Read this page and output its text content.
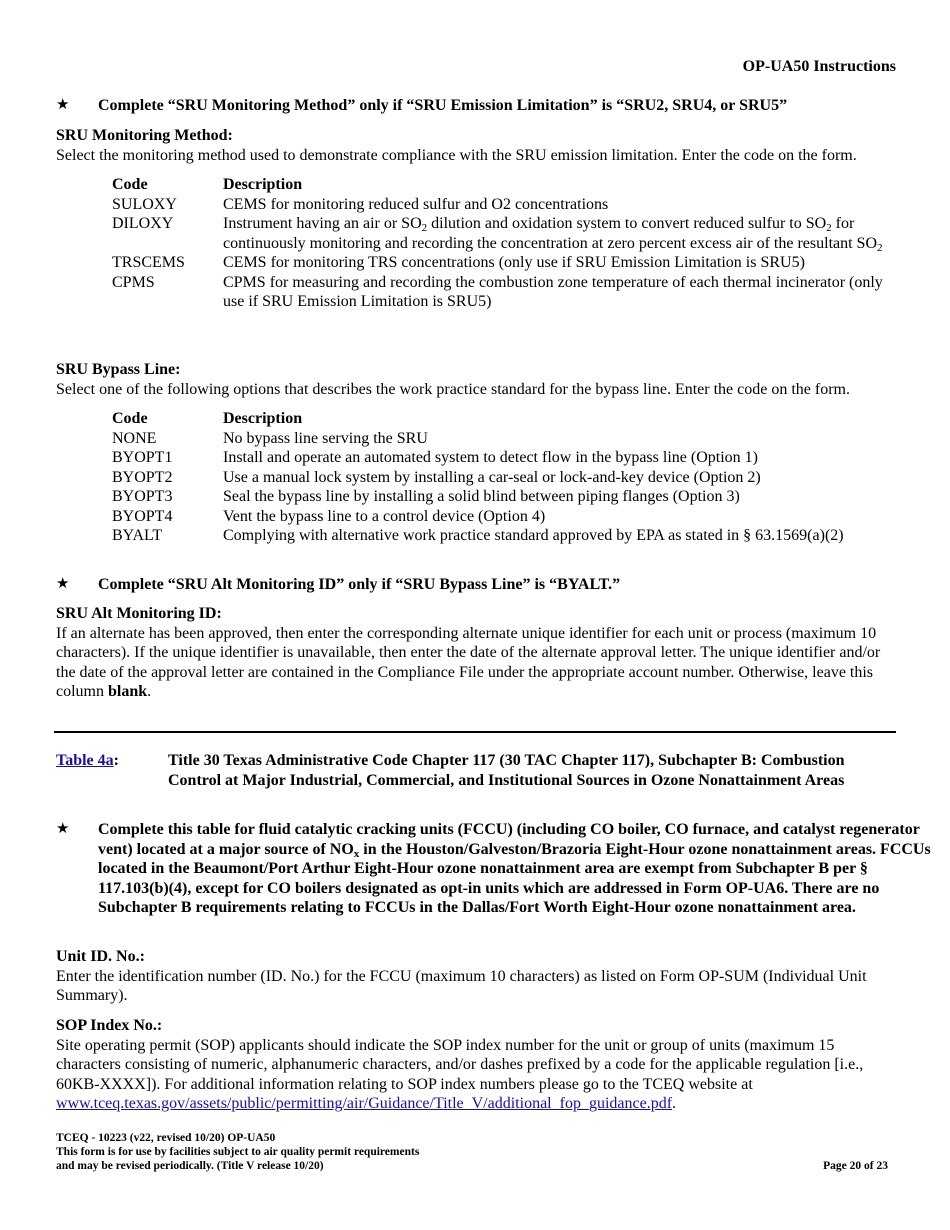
OP-UA50 Instructions
★ Complete “SRU Monitoring Method” only if “SRU Emission Limitation” is “SRU2, SRU4, or SRU5”
SRU Monitoring Method:
Select the monitoring method used to demonstrate compliance with the SRU emission limitation. Enter the code on the form.
Code	Description
SULOXY	CEMS for monitoring reduced sulfur and O2 concentrations
DILOXY	Instrument having an air or $SO_2$ dilution and oxidation system to convert reduced sulfur to $SO_2$ for continuously monitoring and recording the concentration at zero percent excess air of the resultant $SO_2$
TRSCEMS	CEMS for monitoring TRS concentrations (only use if SRU Emission Limitation is SRU5)
CPMS	CPMS for measuring and recording the combustion zone temperature of each thermal incinerator (only use if SRU Emission Limitation is SRU5)
SRU Bypass Line:
Select one of the following options that describes the work practice standard for the bypass line. Enter the code on the form.
Code	Description
NONE	No bypass line serving the SRU
BYOPT1	Install and operate an automated system to detect flow in the bypass line (Option 1)
BYOPT2	Use a manual lock system by installing a car-seal or lock-and-key device (Option 2)
BYOPT3	Seal the bypass line by installing a solid blind between piping flanges (Option 3)
BYOPT4	Vent the bypass line to a control device (Option 4)
BYALT	Complying with alternative work practice standard approved by EPA as stated in § 63.1569(a)(2)
★ Complete “SRU Alt Monitoring ID” only if “SRU Bypass Line” is “BYALT.”
SRU Alt Monitoring ID:
If an alternate has been approved, then enter the corresponding alternate unique identifier for each unit or process (maximum 10 characters). If the unique identifier is unavailable, then enter the date of the alternate approval letter. The unique identifier and/or the date of the approval letter are contained in the Compliance File under the appropriate account number. Otherwise, leave this column blank.
Table 4a:	Title 30 Texas Administrative Code Chapter 117 (30 TAC Chapter 117), Subchapter B: Combustion Control at Major Industrial, Commercial, and Institutional Sources in Ozone Nonattainment Areas
★ Complete this table for fluid catalytic cracking units (FCCU) (including CO boiler, CO furnace, and catalyst regenerator vent) located at a major source of $NO_x$ in the Houston/Galveston/Brazoria Eight-Hour ozone nonattainment areas. FCCUs located in the Beaumont/Port Arthur Eight-Hour ozone nonattainment area are exempt from Subchapter B per § 117.103(b)(4), except for CO boilers designated as opt-in units which are addressed in Form OP-UA6. There are no Subchapter B requirements relating to FCCUs in the Dallas/Fort Worth Eight-Hour ozone nonattainment area.
Unit ID. No.:
Enter the identification number (ID. No.) for the FCCU (maximum 10 characters) as listed on Form OP-SUM (Individual Unit Summary).
SOP Index No.:
Site operating permit (SOP) applicants should indicate the SOP index number for the unit or group of units (maximum 15 characters consisting of numeric, alphanumeric characters, and/or dashes prefixed by a code for the applicable regulation [i.e., 60KB-XXXX]). For additional information relating to SOP index numbers please go to the TCEQ website at www.tceq.texas.gov/assets/public/permitting/air/Guidance/Title_V/additional_fop_guidance.pdf.
TCEQ - 10223 (v22, revised 10/20) OP-UA50
This form is for use by facilities subject to air quality permit requirements
and may be revised periodically. (Title V release 10/20)	Page 20 of 23
